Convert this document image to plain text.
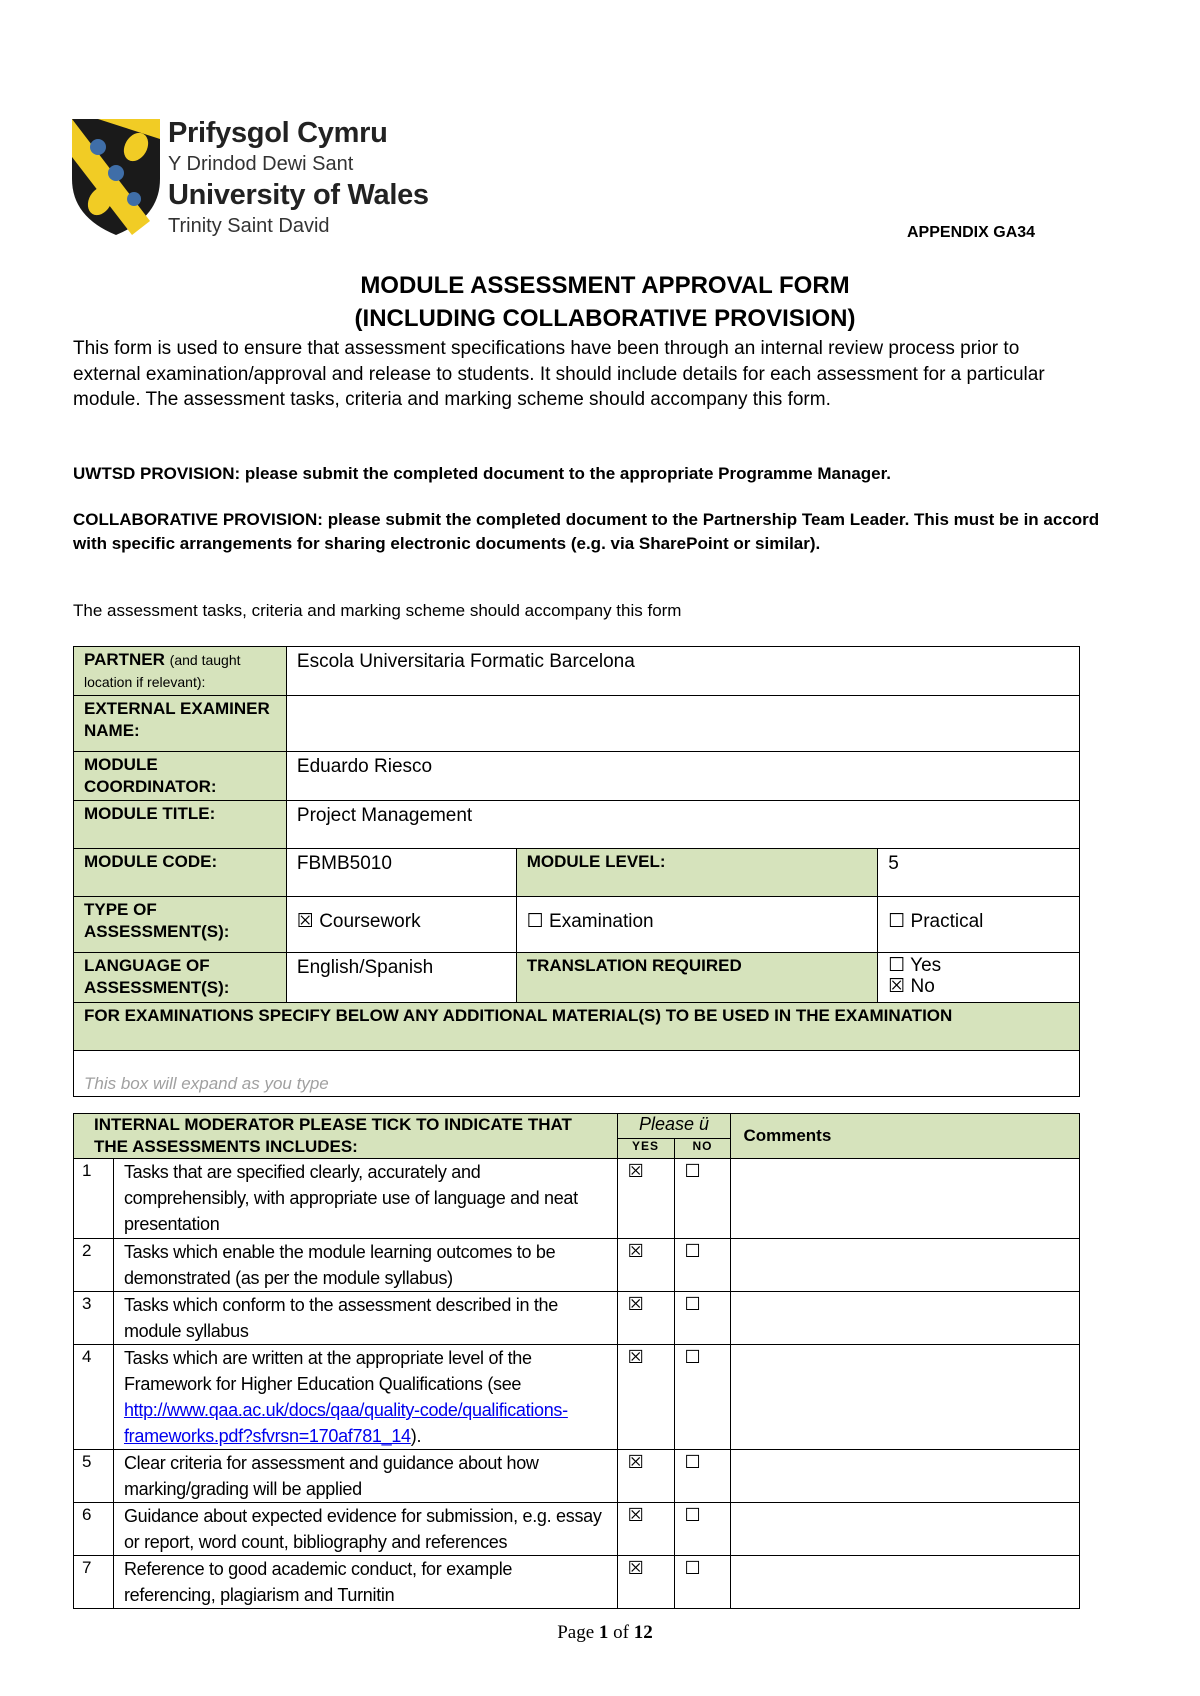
Prifysgol Cymru
Y Drindod Dewi Sant
University of Wales
Trinity Saint David	APPENDIX GA34
MODULE ASSESSMENT APPROVAL FORM
(INCLUDING COLLABORATIVE PROVISION)
This form is used to ensure that assessment specifications have been through an internal review process prior to external examination/approval and release to students. It should include details for each assessment for a particular module. The assessment tasks, criteria and marking scheme should accompany this form.
UWTSD PROVISION: please submit the completed document to the appropriate Programme Manager.
COLLABORATIVE PROVISION: please submit the completed document to the Partnership Team Leader. This must be in accord with specific arrangements for sharing electronic documents (e.g. via SharePoint or similar).
The assessment tasks, criteria and marking scheme should accompany this form
PARTNER (and taught location if relevant):	Escola Universitaria Formatic Barcelona		
EXTERNAL EXAMINER NAME:			
MODULE COORDINATOR:	Eduardo Riesco		
MODULE TITLE:	Project Management		
MODULE CODE:	FBMB5010	MODULE LEVEL:	5
TYPE OF ASSESSMENT(S):	☒ Coursework	☐ Examination	☐ Practical
LANGUAGE OF ASSESSMENT(S):	English/Spanish	TRANSLATION REQUIRED	☐ Yes
☒ No

FOR EXAMINATIONS SPECIFY BELOW ANY ADDITIONAL MATERIAL(S) TO BE USED IN THE EXAMINATION			
This box will expand as you type			
INTERNAL MODERATOR PLEASE TICK TO INDICATE THAT THE ASSESSMENTS INCLUDES:		Please ü		Comments
		YES	NO	
1	Tasks that are specified clearly, accurately and comprehensibly, with appropriate use of language and neat presentation	☒	☐	
2	Tasks which enable the module learning outcomes to be demonstrated (as per the module syllabus)	☒	☐	
3	Tasks which conform to the assessment described in the module syllabus	☒	☐	
4	Tasks which are written at the appropriate level of the Framework for Higher Education Qualifications (see http://www.qaa.ac.uk/docs/qaa/quality-code/qualifications-frameworks.pdf?sfvrsn=170af781_14).	☒	☐	
5	Clear criteria for assessment and guidance about how marking/grading will be applied	☒	☐	
6	Guidance about expected evidence for submission, e.g. essay or report, word count, bibliography and references	☒	☐	
7	Reference to good academic conduct, for example referencing, plagiarism and Turnitin	☒	☐	
Page 1 of 12
